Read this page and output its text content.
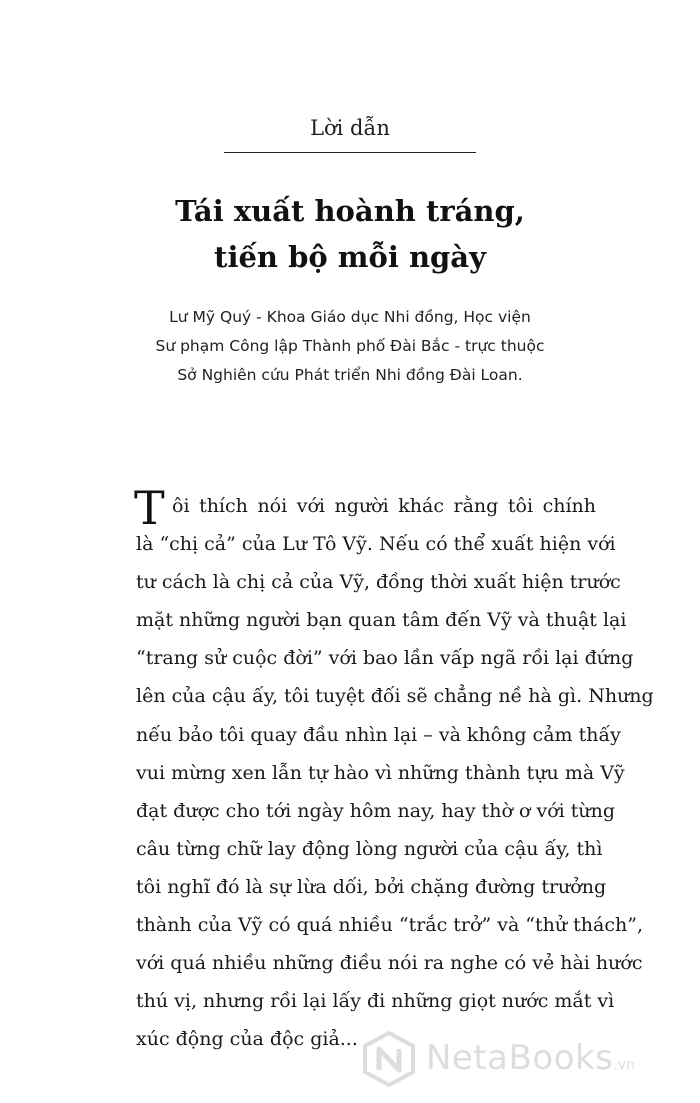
Lời dẫn
Tái xuất hoành tráng,
tiến bộ mỗi ngày
Lư Mỹ Quý - Khoa Giáo dục Nhi đồng, Học viện
Sư phạm Công lập Thành phố Đài Bắc - trực thuộc
Sở Nghiên cứu Phát triển Nhi đồng Đài Loan.
T ôi thích nói với người khác rằng tôi chính
là “chị cả” của Lư Tô Vỹ. Nếu có thể xuất hiện với
tư cách là chị cả của Vỹ, đồng thời xuất hiện trước
mặt những người bạn quan tâm đến Vỹ và thuật lại
“trang sử cuộc đời” với bao lần vấp ngã rồi lại đứng
lên của cậu ấy, tôi tuyệt đối sẽ chẳng nề hà gì. Nhưng
nếu bảo tôi quay đầu nhìn lại – và không cảm thấy
vui mừng xen lẫn tự hào vì những thành tựu mà Vỹ
đạt được cho tới ngày hôm nay, hay thờ ơ với từng
câu từng chữ lay động lòng người của cậu ấy, thì
tôi nghĩ đó là sự lừa dối, bởi chặng đường trưởng
thành của Vỹ có quá nhiều “trắc trở” và “thử thách”,
với quá nhiều những điều nói ra nghe có vẻ hài hước
thú vị, nhưng rồi lại lấy đi những giọt nước mắt vì
xúc động của độc giả...	NetaBooks.vn
